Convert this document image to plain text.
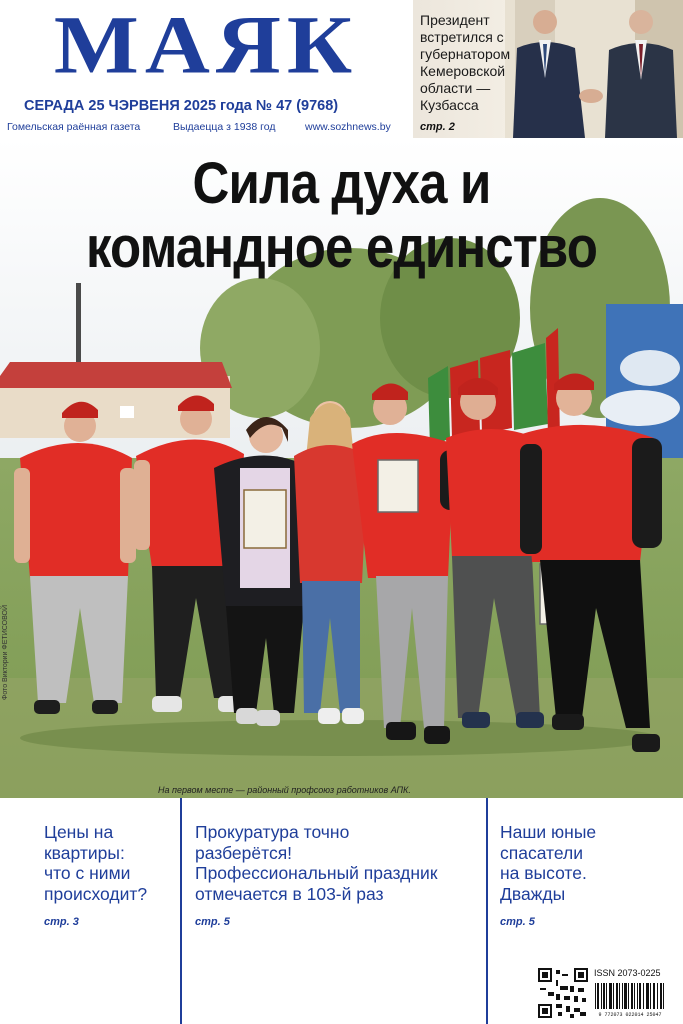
МАЯК
СЕРАДА 25 ЧЭРВЕНЯ 2025 года № 47 (9768)
Гомельская раённая газета	Выдаецца з 1938 год	www.sozhnews.by
Президент встретился с губернатором Кемеровской области — Кузбасса
стр. 2
Сила духа и
командное единство
Фото Виктории ФЕТИСОВОЙ
На первом месте — районный профсоюз работников АПК.
Цены на
квартиры:
что с ними
происходит?
стр. 3
Прокуратура точно
разберётся!
Профессиональный праздник
отмечается в 103-й раз
стр. 5
Наши юные
спасатели
на высоте.
Дважды
стр. 5
ISSN 2073-0225
9 772073 022014 25047
